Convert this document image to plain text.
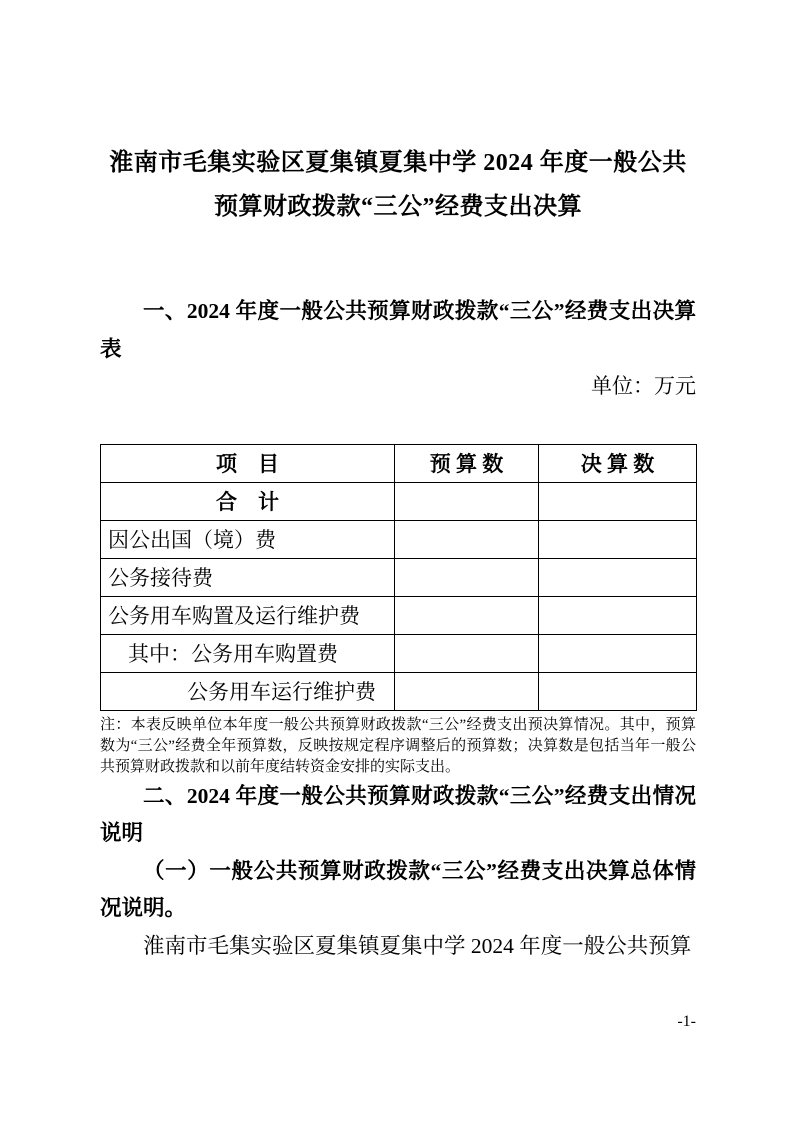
淮南市毛集实验区夏集镇夏集中学 2024 年度一般公共预算财政拨款“三公”经费支出决算

一、2024 年度一般公共预算财政拨款“三公”经费支出决算表

单位：万元

项　目	预 算 数	决 算 数
合　计		
因公出国（境）费		
公务接待费		
公务用车购置及运行维护费		
其中：公务用车购置费		
公务用车运行维护费		

注：本表反映单位本年度一般公共预算财政拨款“三公”经费支出预决算情况。其中，预算数为“三公”经费全年预算数，反映按规定程序调整后的预算数；决算数是包括当年一般公共预算财政拨款和以前年度结转资金安排的实际支出。

二、2024 年度一般公共预算财政拨款“三公”经费支出情况说明

（一）一般公共预算财政拨款“三公”经费支出决算总体情况说明。

淮南市毛集实验区夏集镇夏集中学 2024 年度一般公共预算

-1-
